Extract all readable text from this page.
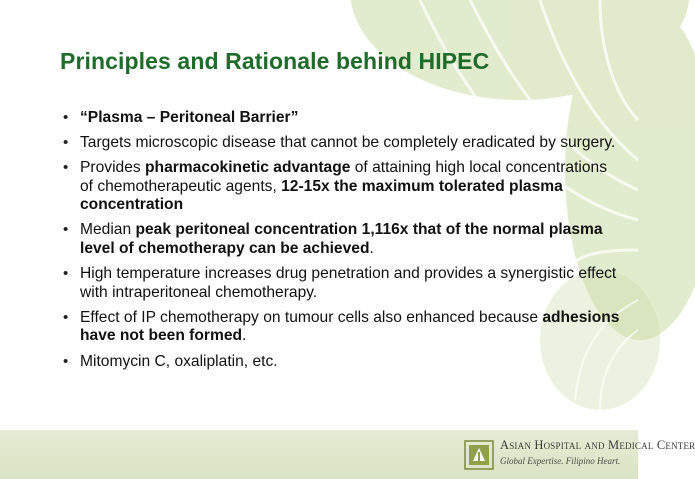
Principles and Rationale behind HIPEC
• “Plasma – Peritoneal Barrier”
• Targets microscopic disease that cannot be completely eradicated by surgery.
• Provides pharmacokinetic advantage of attaining high local concentrations of chemotherapeutic agents, 12-15x the maximum tolerated plasma concentration
• Median peak peritoneal concentration 1,116x that of the normal plasma level of chemotherapy can be achieved.
• High temperature increases drug penetration and provides a synergistic effect with intraperitoneal chemotherapy.
• Effect of IP chemotherapy on tumour cells also enhanced because adhesions have not been formed.
• Mitomycin C, oxaliplatin, etc.
Asian Hospital and Medical Center
Global Expertise. Filipino Heart.
